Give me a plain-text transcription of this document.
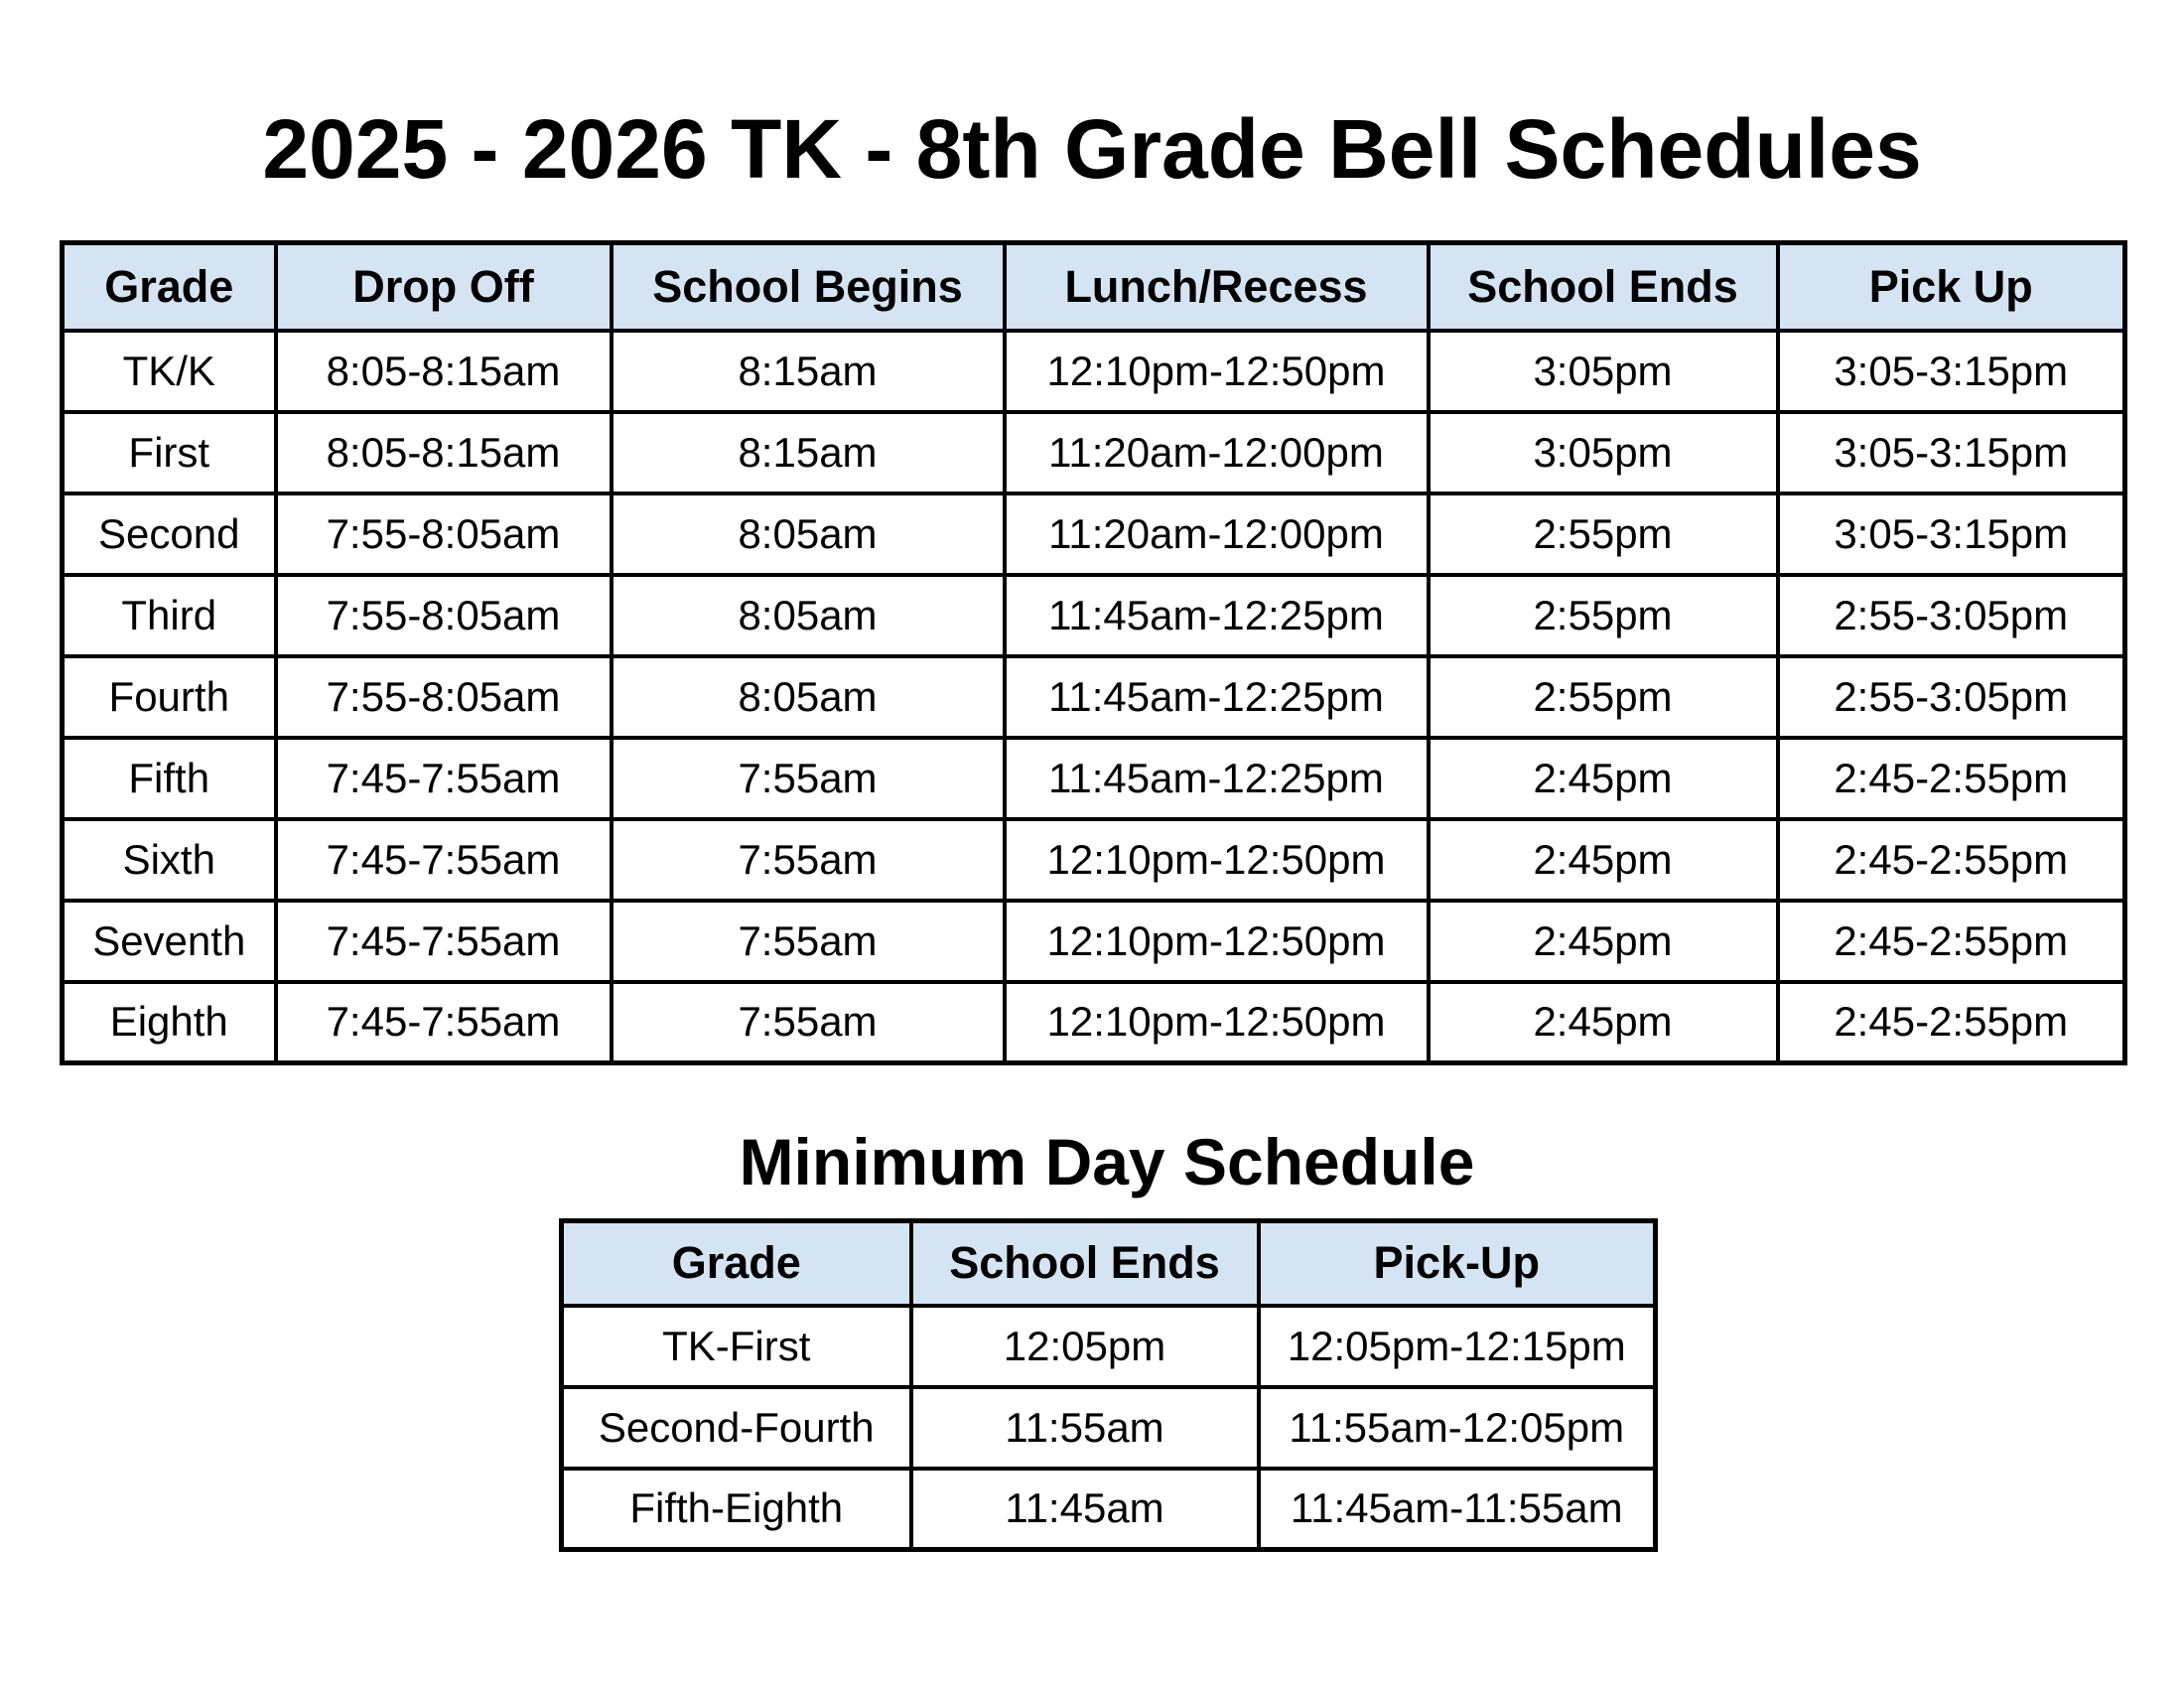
2025 - 2026 TK - 8th Grade Bell Schedules
Grade	Drop Off	School Begins	Lunch/Recess	School Ends	Pick Up
TK/K	8:05-8:15am	8:15am	12:10pm-12:50pm	3:05pm	3:05-3:15pm
First	8:05-8:15am	8:15am	11:20am-12:00pm	3:05pm	3:05-3:15pm
Second	7:55-8:05am	8:05am	11:20am-12:00pm	2:55pm	3:05-3:15pm
Third	7:55-8:05am	8:05am	11:45am-12:25pm	2:55pm	2:55-3:05pm
Fourth	7:55-8:05am	8:05am	11:45am-12:25pm	2:55pm	2:55-3:05pm
Fifth	7:45-7:55am	7:55am	11:45am-12:25pm	2:45pm	2:45-2:55pm
Sixth	7:45-7:55am	7:55am	12:10pm-12:50pm	2:45pm	2:45-2:55pm
Seventh	7:45-7:55am	7:55am	12:10pm-12:50pm	2:45pm	2:45-2:55pm
Eighth	7:45-7:55am	7:55am	12:10pm-12:50pm	2:45pm	2:45-2:55pm
Minimum Day Schedule
Grade	School Ends	Pick-Up
TK-First	12:05pm	12:05pm-12:15pm
Second-Fourth	11:55am	11:55am-12:05pm
Fifth-Eighth	11:45am	11:45am-11:55am
